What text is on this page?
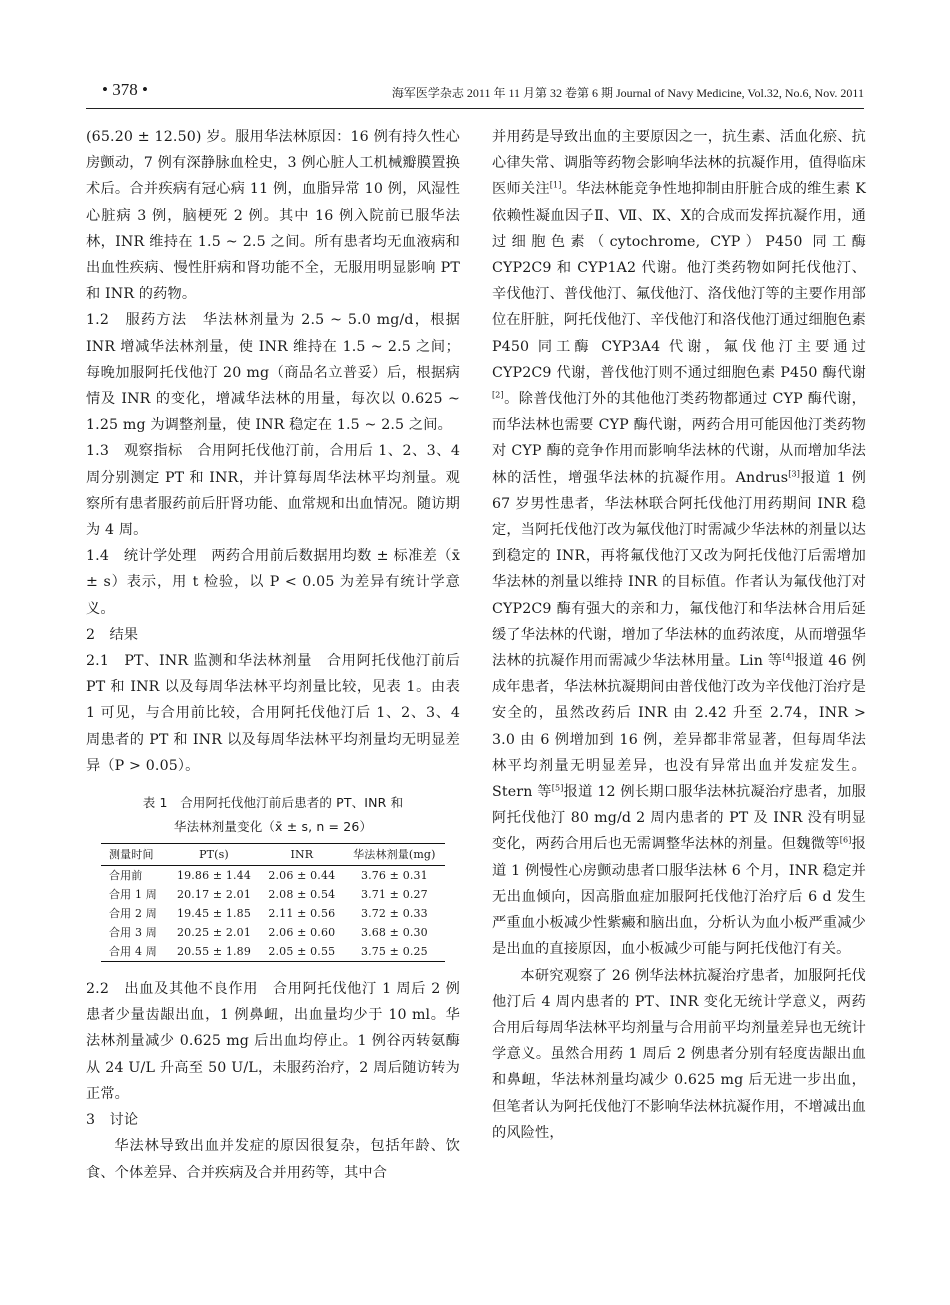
• 378 •	海军医学杂志 2011 年 11 月第 32 卷第 6 期 Journal of Navy Medicine, Vol.32, No.6, Nov. 2011

(65.20 ± 12.50) 岁。服用华法林原因：16 例有持久性心房颤动，7 例有深静脉血栓史，3 例心脏人工机械瓣膜置换术后。合并疾病有冠心病 11 例，血脂异常 10 例，风湿性心脏病 3 例，脑梗死 2 例。其中 16 例入院前已服华法林，INR 维持在 1.5 ~ 2.5 之间。所有患者均无血液病和出血性疾病、慢性肝病和肾功能不全，无服用明显影响 PT 和 INR 的药物。

1.2　服药方法　华法林剂量为 2.5 ~ 5.0 mg/d，根据 INR 增减华法林剂量，使 INR 维持在 1.5 ~ 2.5 之间；每晚加服阿托伐他汀 20 mg（商品名立普妥）后，根据病情及 INR 的变化，增减华法林的用量，每次以 0.625 ~ 1.25 mg 为调整剂量，使 INR 稳定在 1.5 ~ 2.5 之间。

1.3　观察指标　合用阿托伐他汀前，合用后 1、2、3、4 周分别测定 PT 和 INR，并计算每周华法林平均剂量。观察所有患者服药前后肝肾功能、血常规和出血情况。随访期为 4 周。

1.4　统计学处理　两药合用前后数据用均数 ± 标准差（x̄ ± s）表示，用 t 检验，以 P < 0.05 为差异有统计学意义。

2　结果

2.1　PT、INR 监测和华法林剂量　合用阿托伐他汀前后 PT 和 INR 以及每周华法林平均剂量比较，见表 1。由表 1 可见，与合用前比较，合用阿托伐他汀后 1、2、3、4 周患者的 PT 和 INR 以及每周华法林平均剂量均无明显差异（P > 0.05）。

表 1　合用阿托伐他汀前后患者的 PT、INR 和
华法林剂量变化（x̄ ± s, n = 26）
测量时间	PT(s)	INR	华法林剂量(mg)
合用前	19.86 ± 1.44	2.06 ± 0.44	3.76 ± 0.31
合用 1 周	20.17 ± 2.01	2.08 ± 0.54	3.71 ± 0.27
合用 2 周	19.45 ± 1.85	2.11 ± 0.56	3.72 ± 0.33
合用 3 周	20.25 ± 2.01	2.06 ± 0.60	3.68 ± 0.30
合用 4 周	20.55 ± 1.89	2.05 ± 0.55	3.75 ± 0.25

2.2　出血及其他不良作用　合用阿托伐他汀 1 周后 2 例患者少量齿龈出血，1 例鼻衄，出血量均少于 10 ml。华法林剂量减少 0.625 mg 后出血均停止。1 例谷丙转氨酶从 24 U/L 升高至 50 U/L，未服药治疗，2 周后随访转为正常。

3　讨论

华法林导致出血并发症的原因很复杂，包括年龄、饮食、个体差异、合并疾病及合并用药等，其中合

并用药是导致出血的主要原因之一，抗生素、活血化瘀、抗心律失常、调脂等药物会影响华法林的抗凝作用，值得临床医师关注[1]。华法林能竞争性地抑制由肝脏合成的维生素 K 依赖性凝血因子Ⅱ、Ⅶ、Ⅸ、Ⅹ的合成而发挥抗凝作用，通过细胞色素（cytochrome, CYP）P450 同工酶 CYP2C9 和 CYP1A2 代谢。他汀类药物如阿托伐他汀、辛伐他汀、普伐他汀、氟伐他汀、洛伐他汀等的主要作用部位在肝脏，阿托伐他汀、辛伐他汀和洛伐他汀通过细胞色素 P450 同工酶 CYP3A4 代谢，氟伐他汀主要通过 CYP2C9 代谢，普伐他汀则不通过细胞色素 P450 酶代谢[2]。除普伐他汀外的其他他汀类药物都通过 CYP 酶代谢，而华法林也需要 CYP 酶代谢，两药合用可能因他汀类药物对 CYP 酶的竞争作用而影响华法林的代谢，从而增加华法林的活性，增强华法林的抗凝作用。Andrus[3]报道 1 例 67 岁男性患者，华法林联合阿托伐他汀用药期间 INR 稳定，当阿托伐他汀改为氟伐他汀时需减少华法林的剂量以达到稳定的 INR，再将氟伐他汀又改为阿托伐他汀后需增加华法林的剂量以维持 INR 的目标值。作者认为氟伐他汀对 CYP2C9 酶有强大的亲和力，氟伐他汀和华法林合用后延缓了华法林的代谢，增加了华法林的血药浓度，从而增强华法林的抗凝作用而需减少华法林用量。Lin 等[4]报道 46 例成年患者，华法林抗凝期间由普伐他汀改为辛伐他汀治疗是安全的，虽然改药后 INR 由 2.42 升至 2.74，INR > 3.0 由 6 例增加到 16 例，差异都非常显著，但每周华法林平均剂量无明显差异，也没有异常出血并发症发生。Stern 等[5]报道 12 例长期口服华法林抗凝治疗患者，加服阿托伐他汀 80 mg/d 2 周内患者的 PT 及 INR 没有明显变化，两药合用后也无需调整华法林的剂量。但魏微等[6]报道 1 例慢性心房颤动患者口服华法林 6 个月，INR 稳定并无出血倾向，因高脂血症加服阿托伐他汀治疗后 6 d 发生严重血小板减少性紫癜和脑出血，分析认为血小板严重减少是出血的直接原因，血小板减少可能与阿托伐他汀有关。

本研究观察了 26 例华法林抗凝治疗患者，加服阿托伐他汀后 4 周内患者的 PT、INR 变化无统计学意义，两药合用后每周华法林平均剂量与合用前平均剂量差异也无统计学意义。虽然合用药 1 周后 2 例患者分别有轻度齿龈出血和鼻衄，华法林剂量均减少 0.625 mg 后无进一步出血，但笔者认为阿托伐他汀不影响华法林抗凝作用，不增减出血的风险性，
